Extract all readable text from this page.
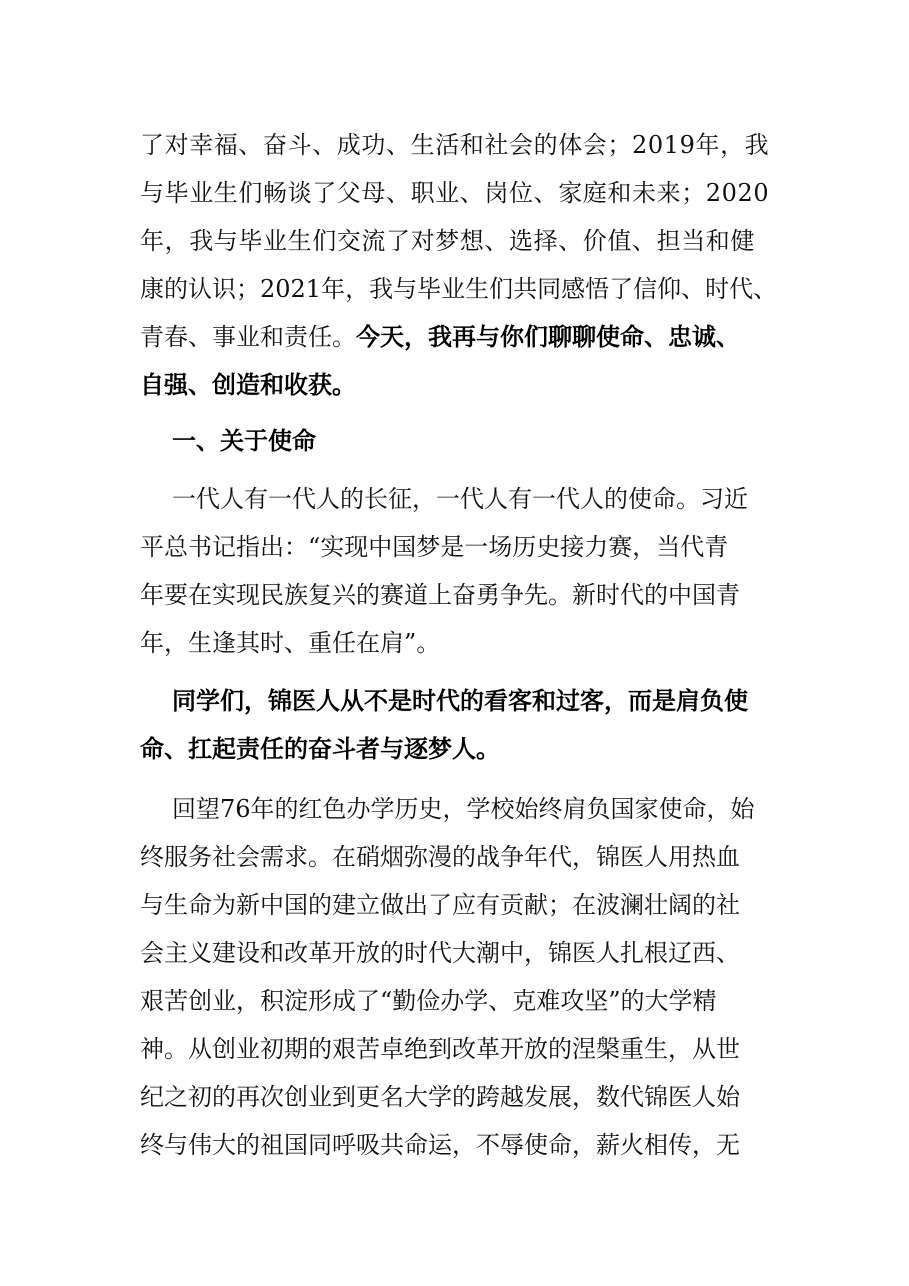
了对幸福、奋斗、成功、生活和社会的体会；2019年，我
与毕业生们畅谈了父母、职业、岗位、家庭和未来；2020
年，我与毕业生们交流了对梦想、选择、价值、担当和健
康的认识；2021年，我与毕业生们共同感悟了信仰、时代、
青春、事业和责任。今天，我再与你们聊聊使命、忠诚、
自强、创造和收获。
一、关于使命
一代人有一代人的长征，一代人有一代人的使命。习近
平总书记指出：“实现中国梦是一场历史接力赛，当代青
年要在实现民族复兴的赛道上奋勇争先。新时代的中国青
年，生逢其时、重任在肩”。
同学们，锦医人从不是时代的看客和过客，而是肩负使
命、扛起责任的奋斗者与逐梦人。
回望76年的红色办学历史，学校始终肩负国家使命，始
终服务社会需求。在硝烟弥漫的战争年代，锦医人用热血
与生命为新中国的建立做出了应有贡献；在波澜壮阔的社
会主义建设和改革开放的时代大潮中，锦医人扎根辽西、
艰苦创业，积淀形成了“勤俭办学、克难攻坚”的大学精
神。从创业初期的艰苦卓绝到改革开放的涅槃重生，从世
纪之初的再次创业到更名大学的跨越发展，数代锦医人始
终与伟大的祖国同呼吸共命运，不辱使命，薪火相传，无
